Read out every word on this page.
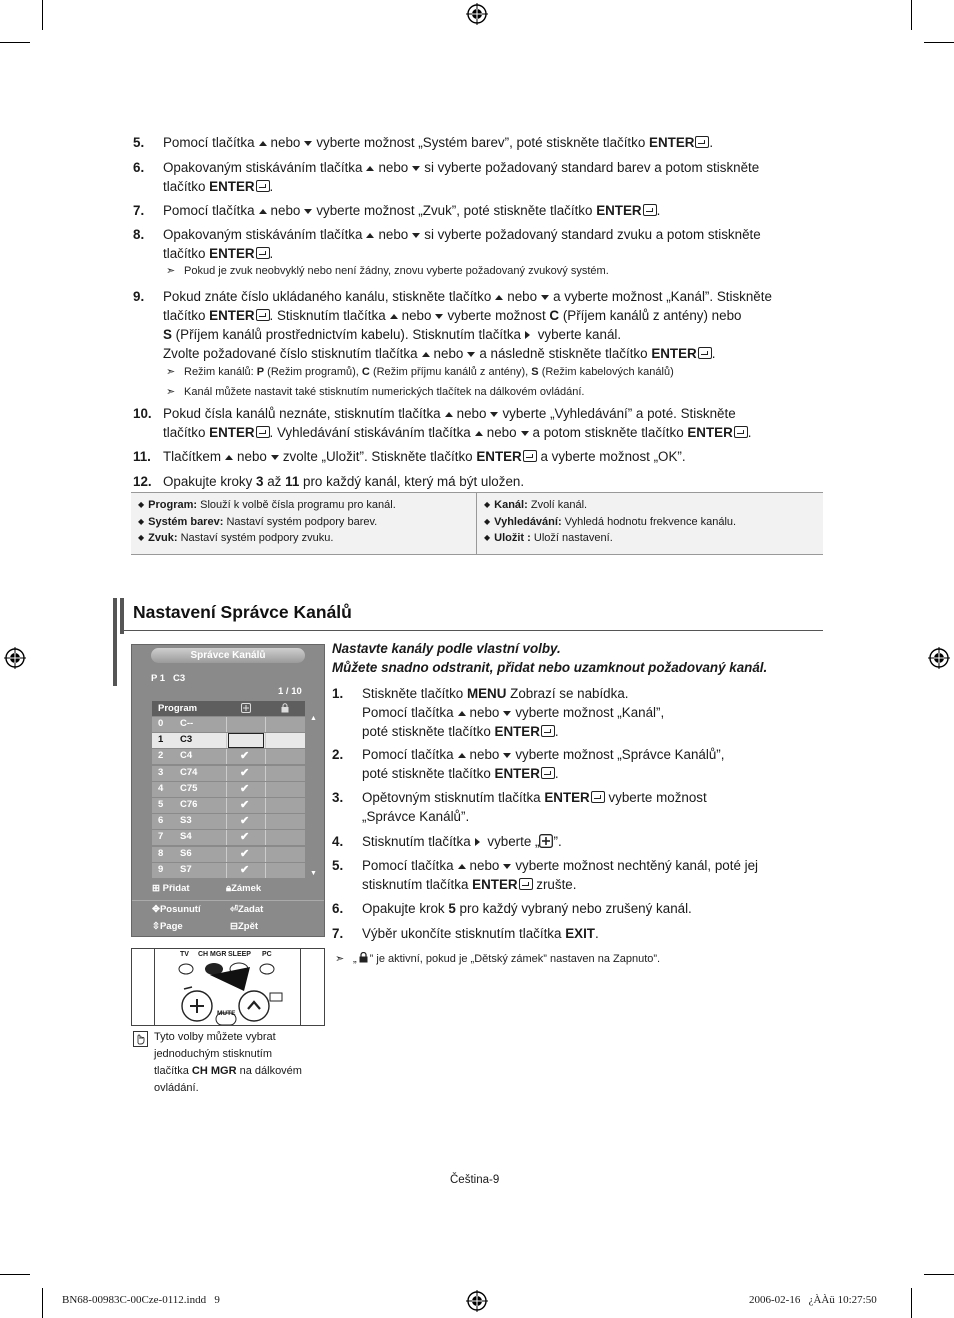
5. Pomocí tlačítka nebo vyberte možnost „Systém barev”, poté stiskněte tlačítko ENTER .
6. Opakovaným stiskáváním tlačítka nebo si vyberte požadovaný standard barev a potom stiskněte
tlačítko ENTER .
7. Pomocí tlačítka nebo vyberte možnost „Zvuk”, poté stiskněte tlačítko ENTER .
8. Opakovaným stiskáváním tlačítka nebo si vyberte požadovaný standard zvuku a potom stiskněte
tlačítko ENTER .
➣ Pokud je zvuk neobvyklý nebo není žádny, znovu vyberte požadovaný zvukový systém.
9. Pokud znáte číslo ukládaného kanálu, stiskněte tlačítko nebo a vyberte možnost „Kanál”. Stiskněte
tlačítko ENTER . Stisknutím tlačítka nebo vyberte možnost C (Příjem kanálů z antény) nebo
S (Příjem kanálů prostřednictvím kabelu). Stisknutím tlačítka vyberte kanál.
Zvolte požadované číslo stisknutím tlačítka nebo a následně stiskněte tlačítko ENTER .
➣ Režim kanálů: P (Režim programů), C (Režim příjmu kanálů z antény), S (Režim kabelových kanálů)
➣ Kanál můžete nastavit také stisknutím numerických tlačítek na dálkovém ovládání.
10. Pokud čísla kanálů neznáte, stisknutím tlačítka nebo vyberte „Vyhledávání” a poté. Stiskněte
tlačítko ENTER . Vyhledávání stiskáváním tlačítka nebo a potom stiskněte tlačítko ENTER .
11. Tlačítkem nebo zvolte „Uložit”. Stiskněte tlačítko ENTER a vyberte možnost „OK”.
12. Opakujte kroky 3 až 11 pro každý kanál, který má být uložen.
◆ Program: Slouží k volbě čísla programu pro kanál.
◆ Systém barev: Nastaví systém podpory barev.
◆ Zvuk: Nastaví systém podpory zvuku.
◆ Kanál: Zvolí kanál.
◆ Vyhledávání: Vyhledá hodnotu frekvence kanálu.
◆ Uložit : Uloží nastavení.
Nastavení Správce Kanálů
Nastavte kanály podle vlastní volby.
Můžete snadno odstranit, přidat nebo uzamknout požadovaný kanál.
1. Stiskněte tlačítko MENU Zobrazí se nabídka.
Pomocí tlačítka nebo vyberte možnost „Kanál”,
poté stiskněte tlačítko ENTER .
2. Pomocí tlačítka nebo vyberte možnost „Správce Kanálů”,
poté stiskněte tlačítko ENTER .
3. Opětovným stisknutím tlačítka ENTER vyberte možnost
„Správce Kanálů”.
4. Stisknutím tlačítka vyberte „ ”.
5. Pomocí tlačítka nebo vyberte možnost nechtěný kanál, poté jej
stisknutím tlačítka ENTER zrušte.
6. Opakujte krok 5 pro každý vybraný nebo zrušený kanál.
7. Výběr ukončíte stisknutím tlačítka EXIT.
➣ „ ” je aktivní, pokud je „Dětský zámek” nastaven na Zapnuto”.
Správce Kanálů
P 1 C3
1 / 10
Program
0 C--
1 C3
2 C4	✔
3 C74	✔
4 C75	✔
5 C76	✔
6 S3	✔
7 S4	✔
8 S6	✔
9 S7	✔
▲
▼
⊞ Přidat	🔒︎Zámek
✥Posunutí	⏎Zadat
⇳Page	⊟Zpět
TV CH MGR SLEEP PC
MUTE
Tyto volby můžete vybrat
jednoduchým stisknutím
tlačítka CH MGR na dálkovém
ovládání.
Čeština-9
BN68-00983C-00Cze-0112.indd   9	2006-02-16   ¿ÀÀü 10:27:50
